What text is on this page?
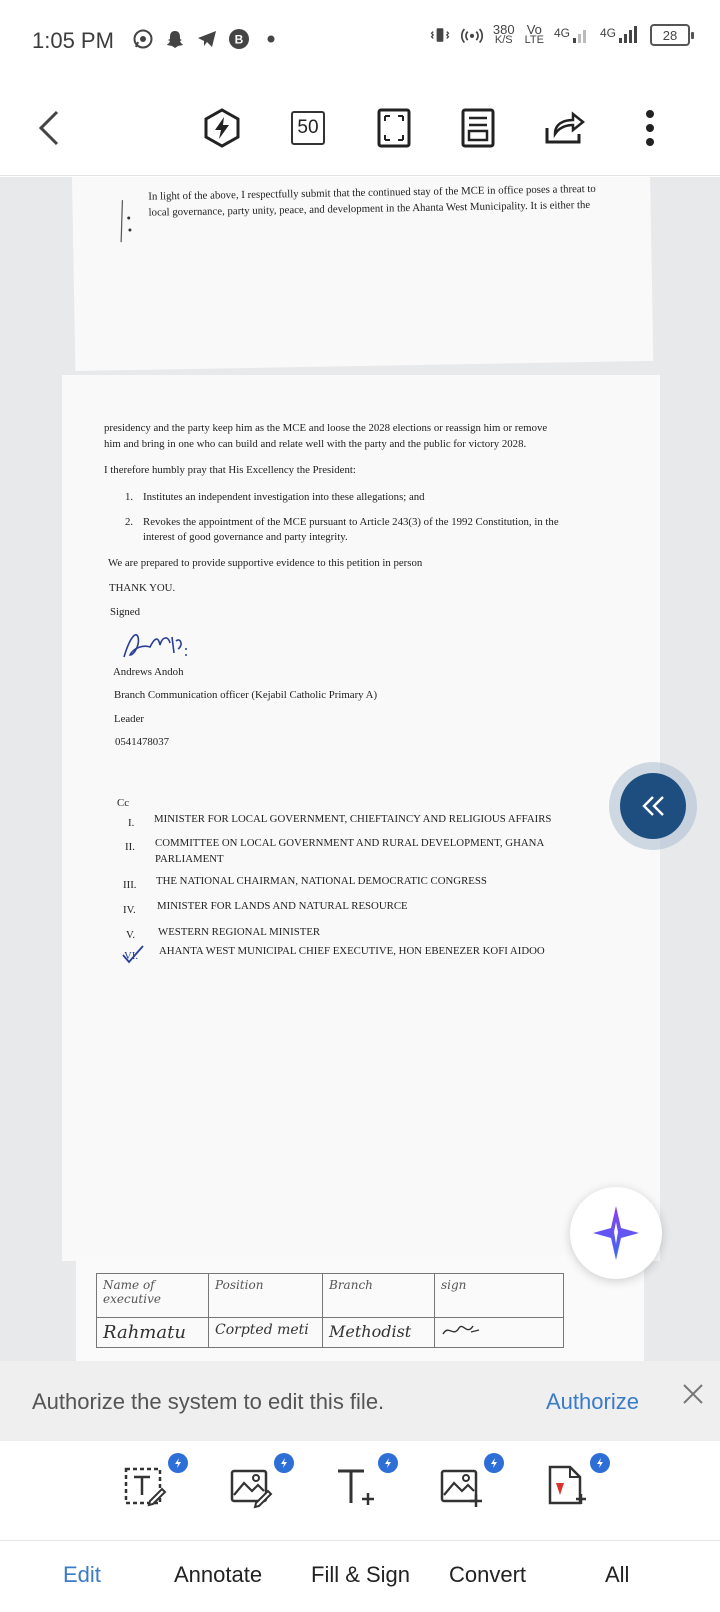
1:05 PM	B
380
K/S
Vo
LTE 4G	4G	28
50
In light of the above, I respectfully submit that the continued stay of the MCE in office poses a threat to
local governance, party unity, peace, and development in the Ahanta West Municipality. It is either the
presidency and the party keep him as the MCE and loose the 2028 elections or reassign him or remove
him and bring in one who can build and relate well with the party and the public for victory 2028.
I therefore humbly pray that His Excellency the President:
1. Institutes an independent investigation into these allegations; and
2. Revokes the appointment of the MCE pursuant to Article 243(3) of the 1992 Constitution, in the
interest of good governance and party integrity.
We are prepared to provide supportive evidence to this petition in person
THANK YOU.
Signed
Andrews Andoh
Branch Communication officer (Kejabil Catholic Primary A)
Leader
0541478037
Cc
I. MINISTER FOR LOCAL GOVERNMENT, CHIEFTAINCY AND RELIGIOUS AFFAIRS
II. COMMITTEE ON LOCAL GOVERNMENT AND RURAL DEVELOPMENT, GHANA
PARLIAMENT
III. THE NATIONAL CHAIRMAN, NATIONAL DEMOCRATIC CONGRESS
IV. MINISTER FOR LANDS AND NATURAL RESOURCE
V. WESTERN REGIONAL MINISTER
VI. AHANTA WEST MUNICIPAL CHIEF EXECUTIVE, HON EBENEZER KOFI AIDOO
Name of
executive	Position	Branch	sign
Rahmatu	Corpted meti	Methodist	
Authorize the system to edit this file.	Authorize
Edit	Annotate Fill & Sign Convert	All
